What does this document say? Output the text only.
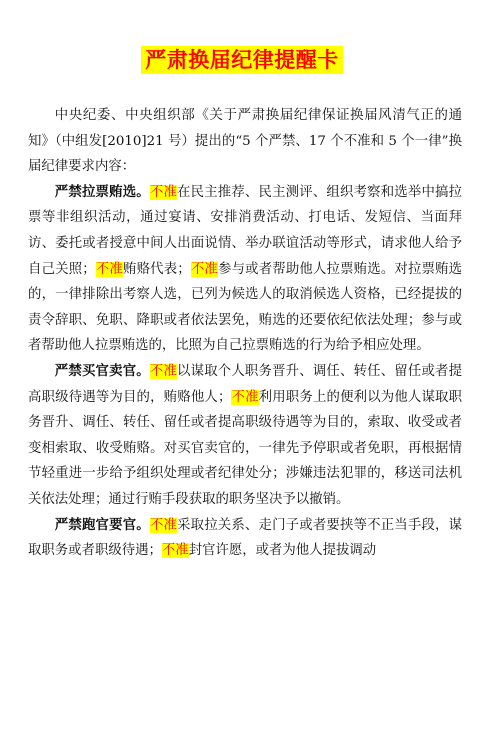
严肃换届纪律提醒卡

中央纪委、中央组织部《关于严肃换届纪律保证换届风清气正的通知》（中组发[2010]21 号）提出的“5 个严禁、17 个不准和 5 个一律”换届纪律要求内容：

严禁拉票贿选。不准在民主推荐、民主测评、组织考察和选举中搞拉票等非组织活动，通过宴请、安排消费活动、打电话、发短信、当面拜访、委托或者授意中间人出面说情、举办联谊活动等形式，请求他人给予自己关照；不准贿赂代表；不准参与或者帮助他人拉票贿选。对拉票贿选的，一律排除出考察人选，已列为候选人的取消候选人资格，已经提拔的责令辞职、免职、降职或者依法罢免，贿选的还要依纪依法处理；参与或者帮助他人拉票贿选的，比照为自己拉票贿选的行为给予相应处理。

严禁买官卖官。不准以谋取个人职务晋升、调任、转任、留任或者提高职级待遇等为目的，贿赂他人；不准利用职务上的便利以为他人谋取职务晋升、调任、转任、留任或者提高职级待遇等为目的，索取、收受或者变相索取、收受贿赂。对买官卖官的，一律先予停职或者免职，再根据情节轻重进一步给予组织处理或者纪律处分；涉嫌违法犯罪的，移送司法机关依法处理；通过行贿手段获取的职务坚决予以撤销。

严禁跑官要官。不准采取拉关系、走门子或者要挟等不正当手段，谋取职务或者职级待遇；不准封官许愿，或者为他人提拔调动
